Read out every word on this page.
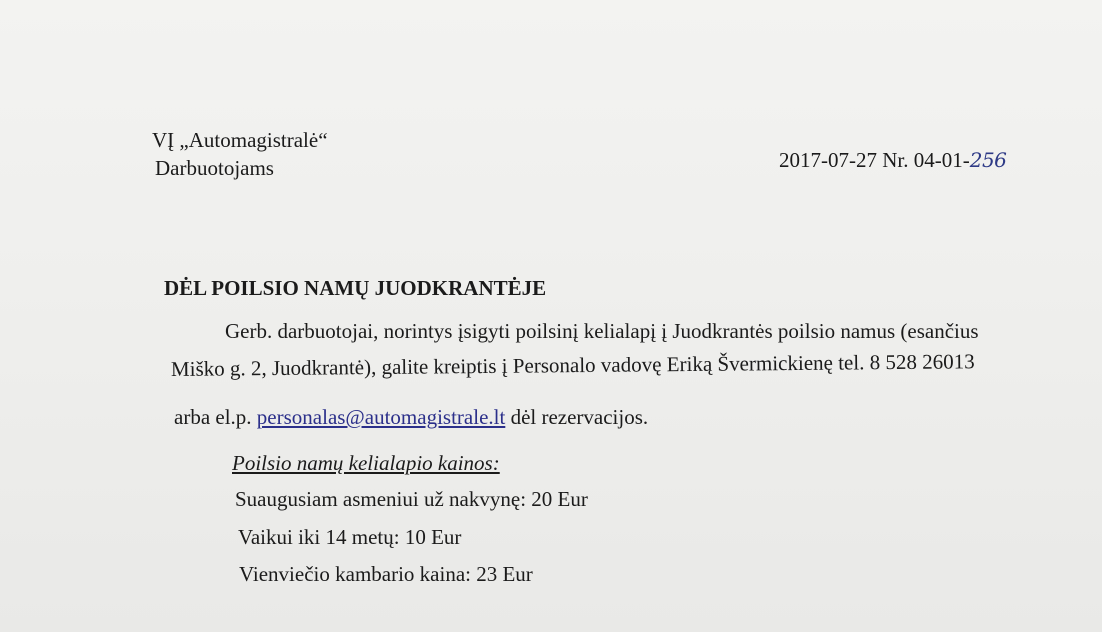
VĮ „Automagistralė“
Darbuotojams	2017-07-27 Nr. 04-01-256
DĖL POILSIO NAMŲ JUODKRANTĖJE
Gerb. darbuotojai, norintys įsigyti poilsinį kelialapį į Juodkrantės poilsio namus (esančius
Miško g. 2, Juodkrantė), galite kreiptis į Personalo vadovę Eriką Švermickienę tel. 8 528 26013
arba el.p. personalas@automagistrale.lt dėl rezervacijos.
Poilsio namų kelialapio kainos:
Suaugusiam asmeniui už nakvynę: 20 Eur
Vaikui iki 14 metų: 10 Eur
Vienviečio kambario kaina: 23 Eur
